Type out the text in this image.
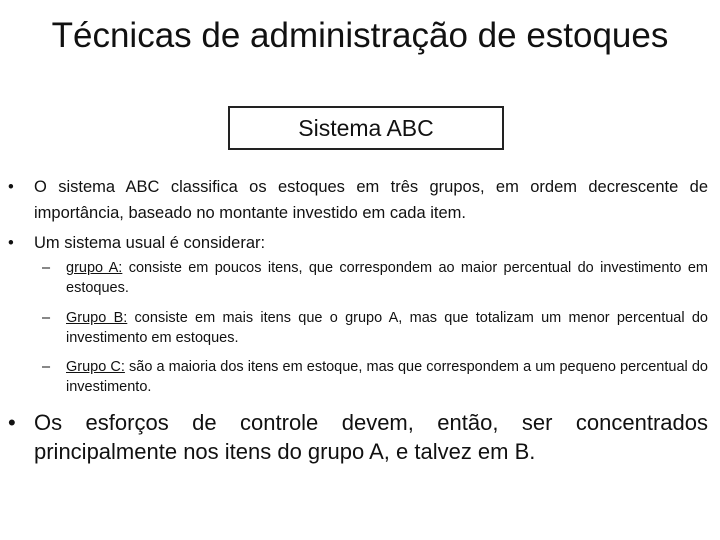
Técnicas de administração de estoques
Sistema ABC
• O sistema ABC classifica os estoques em três grupos, em ordem decrescente de importância, baseado no montante investido em cada item.
• Um sistema usual é considerar:
– grupo A: consiste em poucos itens, que correspondem ao maior percentual do investimento em estoques.
– Grupo B: consiste em mais itens que o grupo A, mas que totalizam um menor percentual do investimento em estoques.
– Grupo C: são a maioria dos itens em estoque, mas que correspondem a um pequeno percentual do investimento.
• Os esforços de controle devem, então, ser concentrados principalmente nos itens do grupo A, e talvez em B.
